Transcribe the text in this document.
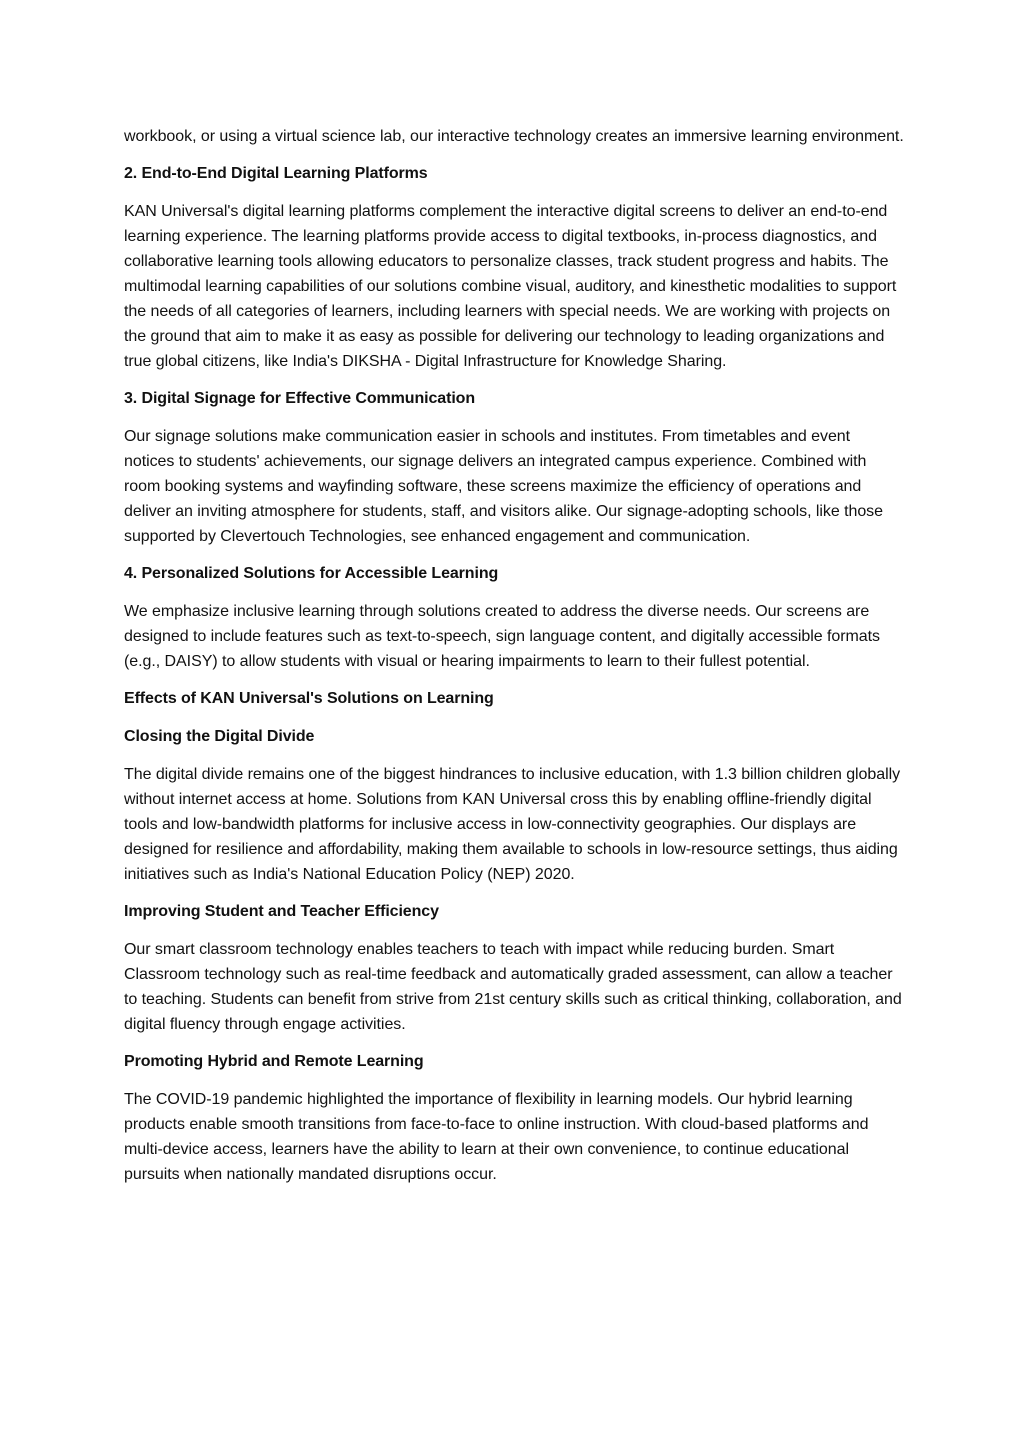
workbook, or using a virtual science lab, our interactive technology creates an immersive learning environment.

2. End-to-End Digital Learning Platforms

KAN Universal's digital learning platforms complement the interactive digital screens to deliver an end-to-end learning experience. The learning platforms provide access to digital textbooks, in-process diagnostics, and collaborative learning tools allowing educators to personalize classes, track student progress and habits. The multimodal learning capabilities of our solutions combine visual, auditory, and kinesthetic modalities to support the needs of all categories of learners, including learners with special needs. We are working with projects on the ground that aim to make it as easy as possible for delivering our technology to leading organizations and true global citizens, like India's DIKSHA - Digital Infrastructure for Knowledge Sharing.

3. Digital Signage for Effective Communication

Our signage solutions make communication easier in schools and institutes. From timetables and event notices to students' achievements, our signage delivers an integrated campus experience. Combined with room booking systems and wayfinding software, these screens maximize the efficiency of operations and deliver an inviting atmosphere for students, staff, and visitors alike. Our signage-adopting schools, like those supported by Clevertouch Technologies, see enhanced engagement and communication.

4. Personalized Solutions for Accessible Learning

We emphasize inclusive learning through solutions created to address the diverse needs. Our screens are designed to include features such as text-to-speech, sign language content, and digitally accessible formats (e.g., DAISY) to allow students with visual or hearing impairments to learn to their fullest potential.

Effects of KAN Universal's Solutions on Learning

Closing the Digital Divide

The digital divide remains one of the biggest hindrances to inclusive education, with 1.3 billion children globally without internet access at home. Solutions from KAN Universal cross this by enabling offline-friendly digital tools and low-bandwidth platforms for inclusive access in low-connectivity geographies. Our displays are designed for resilience and affordability, making them available to schools in low-resource settings, thus aiding initiatives such as India's National Education Policy (NEP) 2020.

Improving Student and Teacher Efficiency

Our smart classroom technology enables teachers to teach with impact while reducing burden. Smart Classroom technology such as real-time feedback and automatically graded assessment, can allow a teacher to teaching. Students can benefit from strive from 21st century skills such as critical thinking, collaboration, and digital fluency through engage activities.

Promoting Hybrid and Remote Learning

The COVID-19 pandemic highlighted the importance of flexibility in learning models. Our hybrid learning products enable smooth transitions from face-to-face to online instruction. With cloud-based platforms and multi-device access, learners have the ability to learn at their own convenience, to continue educational pursuits when nationally mandated disruptions occur.
